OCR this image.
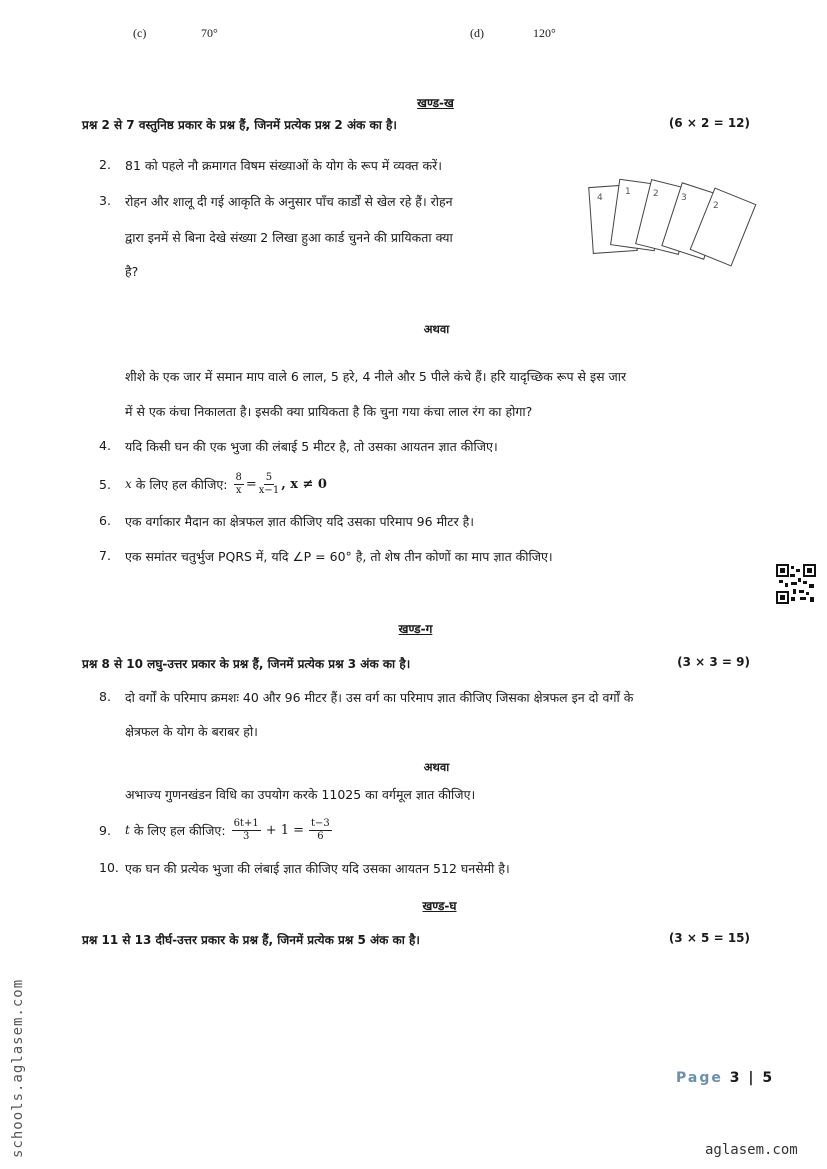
(c)	70°	(d)	120°
खण्ड-ख
प्रश्न 2 से 7 वस्तुनिष्ठ प्रकार के प्रश्न हैं, जिनमें प्रत्येक प्रश्न 2 अंक का है।	(6 × 2 = 12)
2. 81 को पहले नौ क्रमागत विषम संख्याओं के योग के रूप में व्यक्त करें।
3. रोहन और शालू दी गई आकृति के अनुसार पाँच कार्डों से खेल रहे हैं। रोहन
द्वारा इनमें से बिना देखे संख्या 2 लिखा हुआ कार्ड चुनने की प्रायिकता क्या
है?
4
1 2 3
2
अथवा
शीशे के एक जार में समान माप वाले 6 लाल, 5 हरे, 4 नीले और 5 पीले कंचे हैं। हरि यादृच्छिक रूप से इस जार
में से एक कंचा निकालता है। इसकी क्या प्रायिकता है कि चुना गया कंचा लाल रंग का होगा?
4. यदि किसी घन की एक भुजा की लंबाई 5 मीटर है, तो उसका आयतन ज्ञात कीजिए।
5. x के लिए हल कीजिए: $\frac{8}{x} = \frac{5}{x-1}$ , x ≠ 0
6. एक वर्गाकार मैदान का क्षेत्रफल ज्ञात कीजिए यदि उसका परिमाप 96 मीटर है।
7. एक समांतर चतुर्भुज PQRS में, यदि ∠P = 60° है, तो शेष तीन कोणों का माप ज्ञात कीजिए।
खण्ड-ग
प्रश्न 8 से 10 लघु-उत्तर प्रकार के प्रश्न हैं, जिनमें प्रत्येक प्रश्न 3 अंक का है।	(3 × 3 = 9)
8. दो वर्गों के परिमाप क्रमशः 40 और 96 मीटर हैं। उस वर्ग का परिमाप ज्ञात कीजिए जिसका क्षेत्रफल इन दो वर्गों के
क्षेत्रफल के योग के बराबर हो।
अथवा
अभाज्य गुणनखंडन विधि का उपयोग करके 11025 का वर्गमूल ज्ञात कीजिए।
9. t के लिए हल कीजिए: $\frac{6t+1}{3} + 1 = \frac{t-3}{6}$
10. एक घन की प्रत्येक भुजा की लंबाई ज्ञात कीजिए यदि उसका आयतन 512 घनसेमी है।
खण्ड-घ
प्रश्न 11 से 13 दीर्घ-उत्तर प्रकार के प्रश्न हैं, जिनमें प्रत्येक प्रश्न 5 अंक का है।	(3 × 5 = 15)
schools.aglasem.com	Page 3 | 5
aglasem.com
